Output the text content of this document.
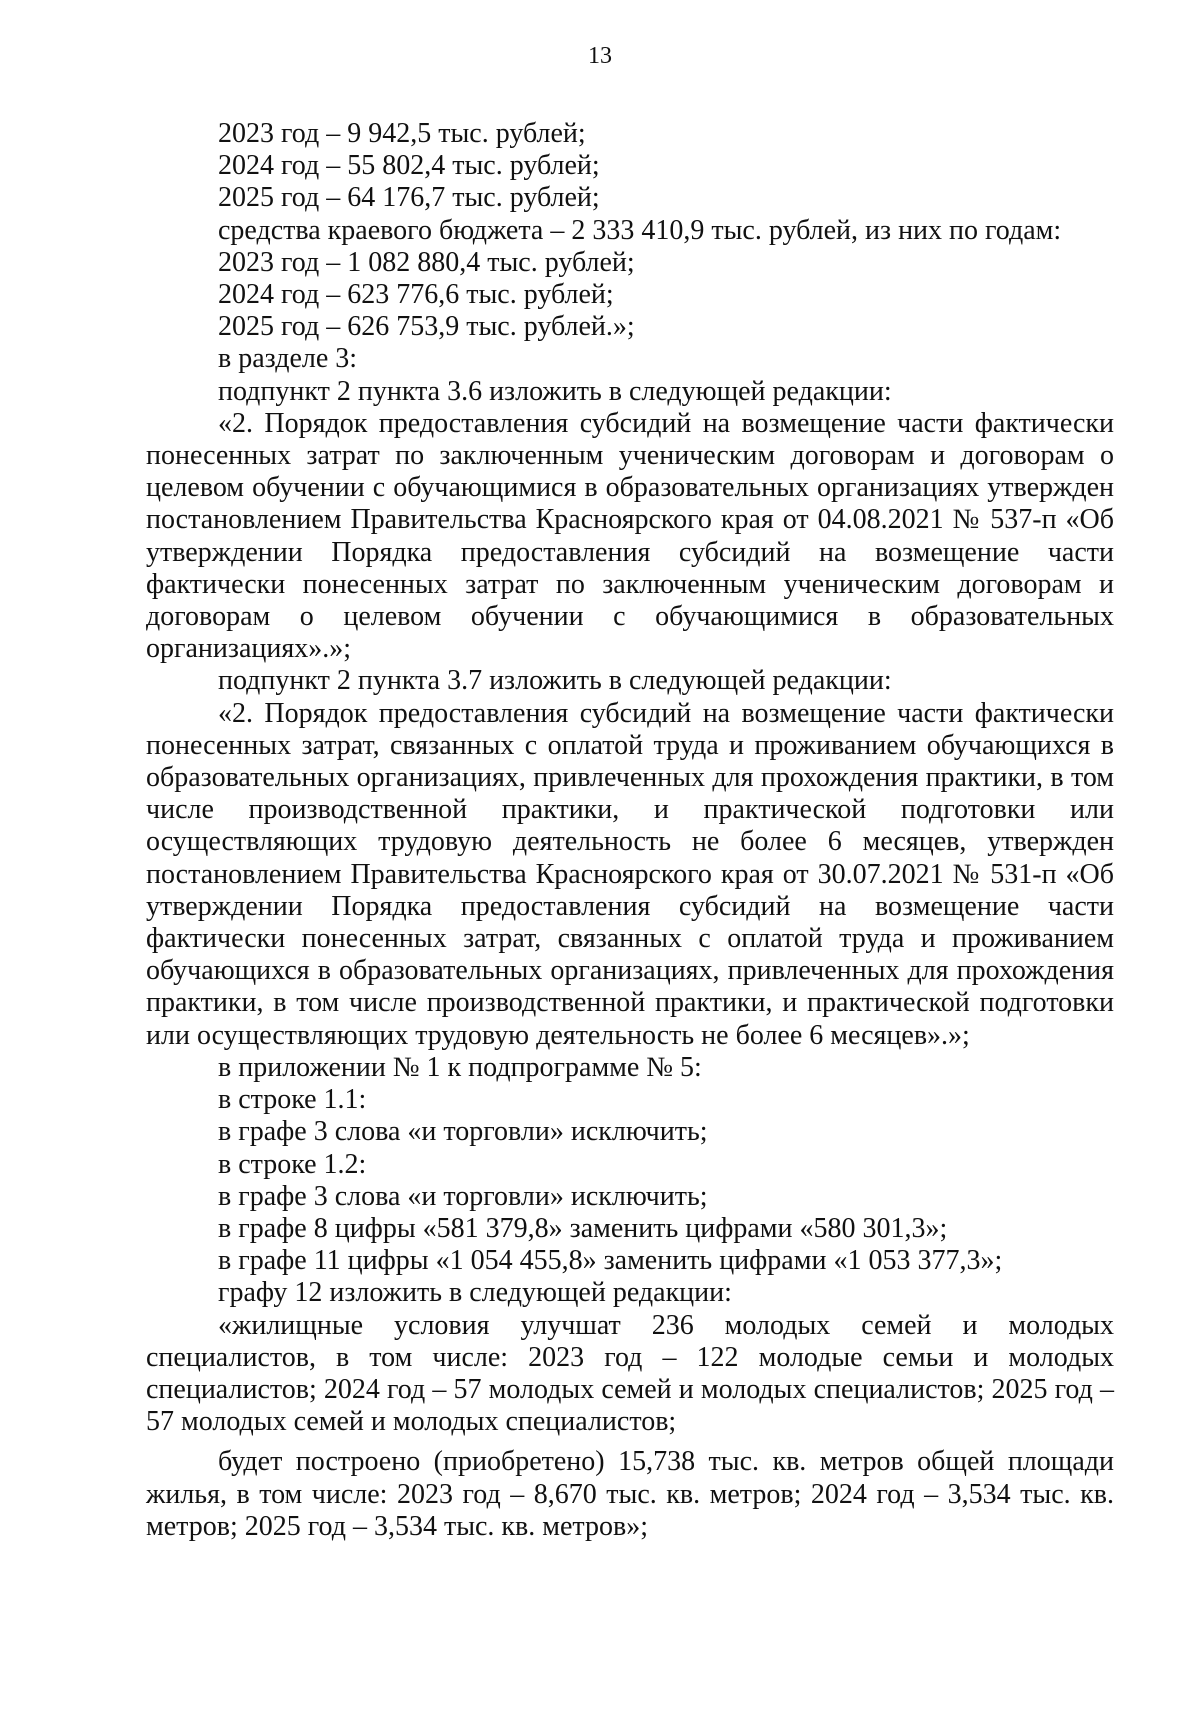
13

2023 год – 9 942,5 тыс. рублей;

2024 год – 55 802,4 тыс. рублей;

2025 год – 64 176,7 тыс. рублей;

средства краевого бюджета – 2 333 410,9 тыс. рублей, из них по годам:

2023 год – 1 082 880,4 тыс. рублей;

2024 год – 623 776,6 тыс. рублей;

2025 год – 626 753,9 тыс. рублей.»;

в разделе 3:

подпункт 2 пункта 3.6 изложить в следующей редакции:

«2. Порядок предоставления субсидий на возмещение части фактически понесенных затрат по заключенным ученическим договорам и договорам о целевом обучении с обучающимися в образовательных организациях утвержден постановлением Правительства Красноярского края от 04.08.2021 № 537-п «Об утверждении Порядка предоставления субсидий на возмещение части фактически понесенных затрат по заключенным ученическим договорам и договорам о целевом обучении с обучающимися в образовательных организациях».»;

подпункт 2 пункта 3.7 изложить в следующей редакции:

«2. Порядок предоставления субсидий на возмещение части фактически понесенных затрат, связанных с оплатой труда и проживанием обучающихся в образовательных организациях, привлеченных для прохождения практики, в том числе производственной практики, и практической подготовки или осуществляющих трудовую деятельность не более 6 месяцев, утвержден постановлением Правительства Красноярского края от 30.07.2021 № 531-п «Об утверждении Порядка предоставления субсидий на возмещение части фактически понесенных затрат, связанных с оплатой труда и проживанием обучающихся в образовательных организациях, привлеченных для прохождения практики, в том числе производственной практики, и практической подготовки или осуществляющих трудовую деятельность не более 6 месяцев».»;

в приложении № 1 к подпрограмме № 5:

в строке 1.1:

в графе 3 слова «и торговли» исключить;

в строке 1.2:

в графе 3 слова «и торговли» исключить;

в графе 8 цифры «581 379,8» заменить цифрами «580 301,3»;

в графе 11 цифры «1 054 455,8» заменить цифрами «1 053 377,3»;

графу 12 изложить в следующей редакции:

«жилищные условия улучшат 236 молодых семей и молодых специалистов, в том числе: 2023 год – 122 молодые семьи и молодых специалистов; 2024 год – 57 молодых семей и молодых специалистов; 2025 год – 57 молодых семей и молодых специалистов;

будет построено (приобретено) 15,738 тыс. кв. метров общей площади жилья, в том числе: 2023 год – 8,670 тыс. кв. метров; 2024 год – 3,534 тыс. кв. метров; 2025 год – 3,534 тыс. кв. метров»;
